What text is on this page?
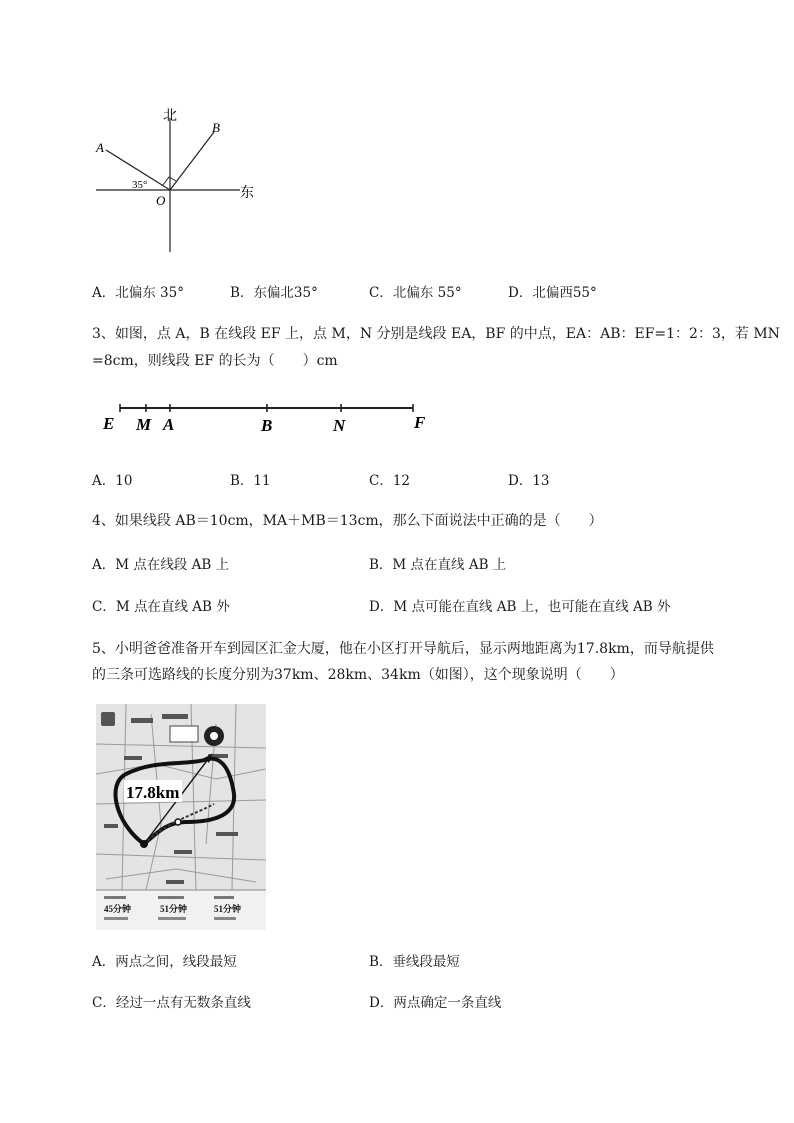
北
东
A
B
O
35°
A．北偏东 35°	B．东偏北35°	C．北偏东 55°	D．北偏西55°
3、如图，点 A，B 在线段 EF 上，点 M，N 分别是线段 EA，BF 的中点，EA：AB：EF=1：2：3，若 MN
=8cm，则线段 EF 的长为（　　）cm
E M A	B	N	F
A．10	B．11	C．12	D．13
4、如果线段 AB＝10cm，MA＋MB＝13cm，那么下面说法中正确的是（　　）
A．M 点在线段 AB 上	B．M 点在直线 AB 上
C．M 点在直线 AB 外	D．M 点可能在直线 AB 上，也可能在直线 AB 外
5、小明爸爸准备开车到园区汇金大厦，他在小区打开导航后，显示两地距离为17.8km，而导航提供
的三条可选路线的长度分别为37km、28km、34km（如图），这个现象说明（　　）
17.8km
45分钟	51分钟	51分钟
A．两点之间，线段最短	B．垂线段最短
C．经过一点有无数条直线	D．两点确定一条直线
